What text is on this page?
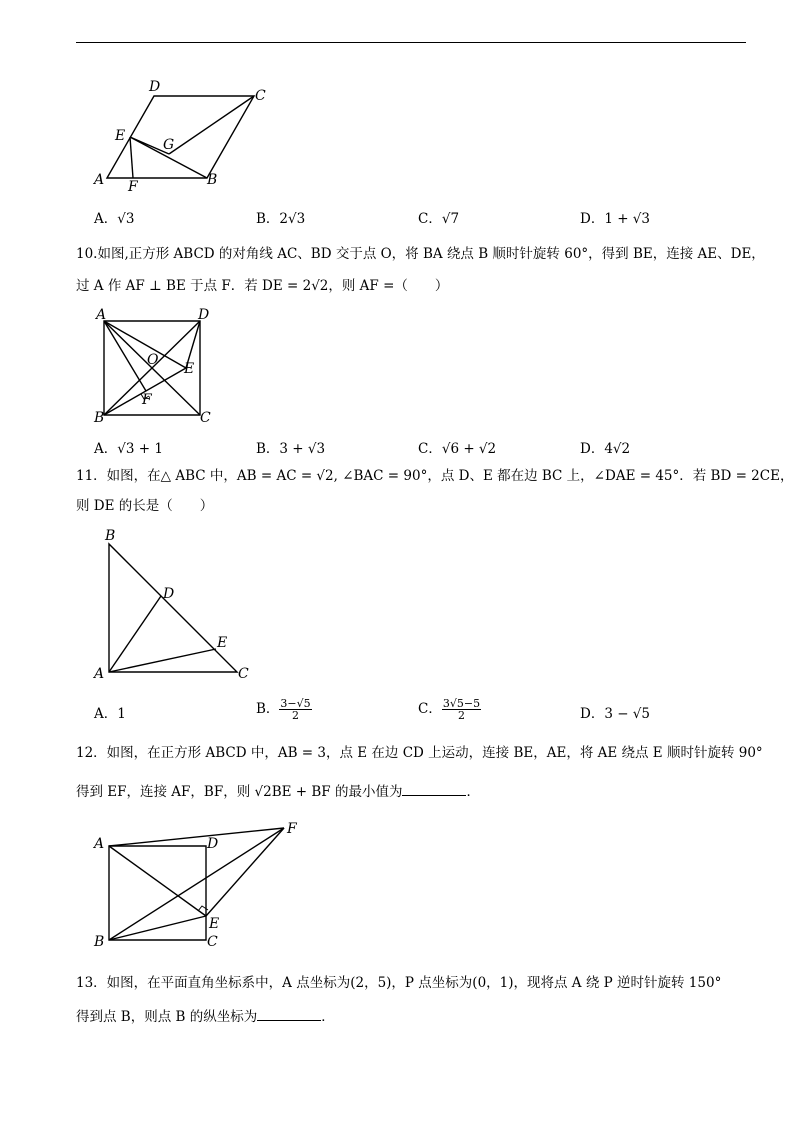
D
C
E
G
A F	B
A．√3	B．2√3	C．√7	D．1 + √3
10.如图,正方形 ABCD 的对角线 AC、BD 交于点 O，将 BA 绕点 B 顺时针旋转 60°，得到 BE，连接 AE、DE，
过 A 作 AF ⊥ BE 于点 F．若 DE = 2√2，则 AF =（　　）
A	D
O
E
F
B	C
A．√3 + 1	B．3 + √3	C．√6 + √2	D．4√2
11．如图，在△ ABC 中，AB = AC = √2, ∠BAC = 90°，点 D、E 都在边 BC 上，∠DAE = 45°．若 BD = 2CE，
则 DE 的长是（　　）
B
D
E
A	C
A．1	B． $\frac{3-√5}{2}$	C． $\frac{3√5-5}{2}$	D．3 − √5
12．如图，在正方形 ABCD 中，AB = 3，点 E 在边 CD 上运动，连接 BE，AE，将 AE 绕点 E 顺时针旋转 90°
得到 EF，连接 AF，BF，则 √2BE + BF 的最小值为	．
A	D
F
E
B	C
13．如图，在平面直角坐标系中，A 点坐标为(2，5)，P 点坐标为(0，1)，现将点 A 绕 P 逆时针旋转 150°
得到点 B，则点 B 的纵坐标为	．
